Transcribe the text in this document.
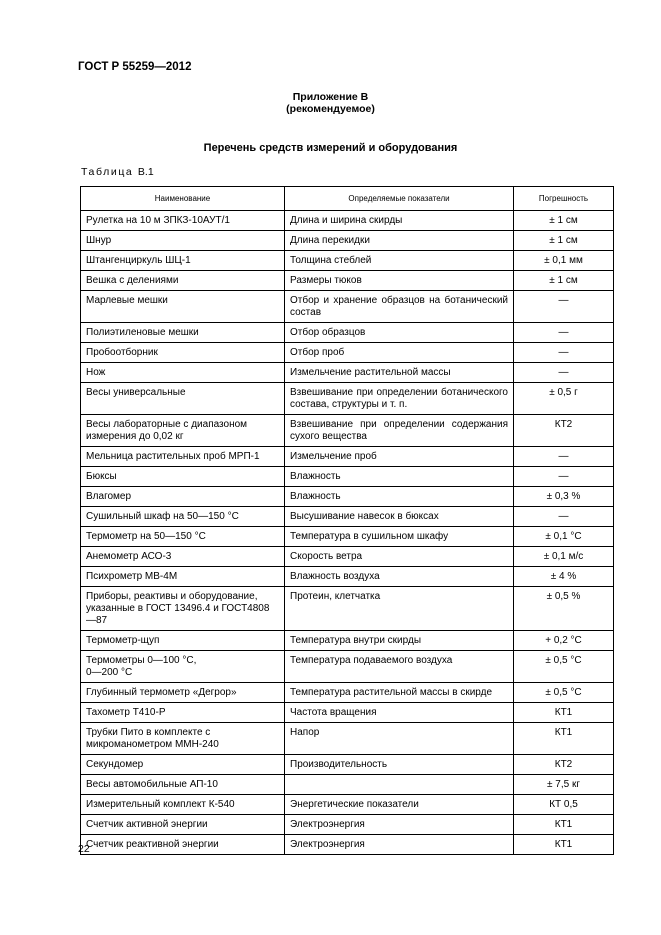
ГОСТ Р 55259—2012
Приложение В
(рекомендуемое)
Перечень средств измерений и оборудования
Таблица В.1
Наименование	Определяемые показатели	Погрешность
Рулетка на 10 м ЗПКЗ-10АУТ/1	Длина и ширина скирды	± 1 см
Шнур	Длина перекидки	± 1 см
Штангенциркуль ШЦ-1	Толщина стеблей	± 0,1 мм
Вешка с делениями	Размеры тюков	± 1 см
Марлевые мешки	Отбор и хранение образцов на ботанический состав	—
Полиэтиленовые мешки	Отбор образцов	—
Пробоотборник	Отбор проб	—
Нож	Измельчение растительной массы	—
Весы универсальные	Взвешивание при определении ботанического состава, структуры и т. п.	± 0,5 г
Весы лабораторные с диапазоном измерения до 0,02 кг	Взвешивание при определении содержания сухого вещества	КТ2
Мельница растительных проб МРП-1	Измельчение проб	—
Бюксы	Влажность	—
Влагомер	Влажность	± 0,3 %
Сушильный шкаф на 50—150 °С	Высушивание навесок в бюксах	—
Термометр на 50—150 °С	Температура в сушильном шкафу	± 0,1 °С
Анемометр АСО-3	Скорость ветра	± 0,1 м/с
Психрометр МВ-4М	Влажность воздуха	± 4 %
Приборы, реактивы и оборудование, указанные в ГОСТ 13496.4 и ГОСТ4808—87	Протеин, клетчатка	± 0,5 %
Термометр-щуп	Температура внутри скирды	+ 0,2 °С
Термометры 0—100 °С,
0—200 °С	Температура подаваемого воздуха	± 0,5 °С
Глубинный термометр «Дегрор»	Температура растительной массы в скирде	± 0,5 °С
Тахометр Т410-Р	Частота вращения	КТ1
Трубки Пито в комплекте с микроманометром ММН-240	Напор	КТ1
Секундомер	Производительность	КТ2
Весы автомобильные АП-10		± 7,5 кг
Измерительный комплект К-540	Энергетические показатели	КТ 0,5
Счетчик активной энергии	Электроэнергия	КТ1
Счетчик реактивной энергии	Электроэнергия	КТ1
22
